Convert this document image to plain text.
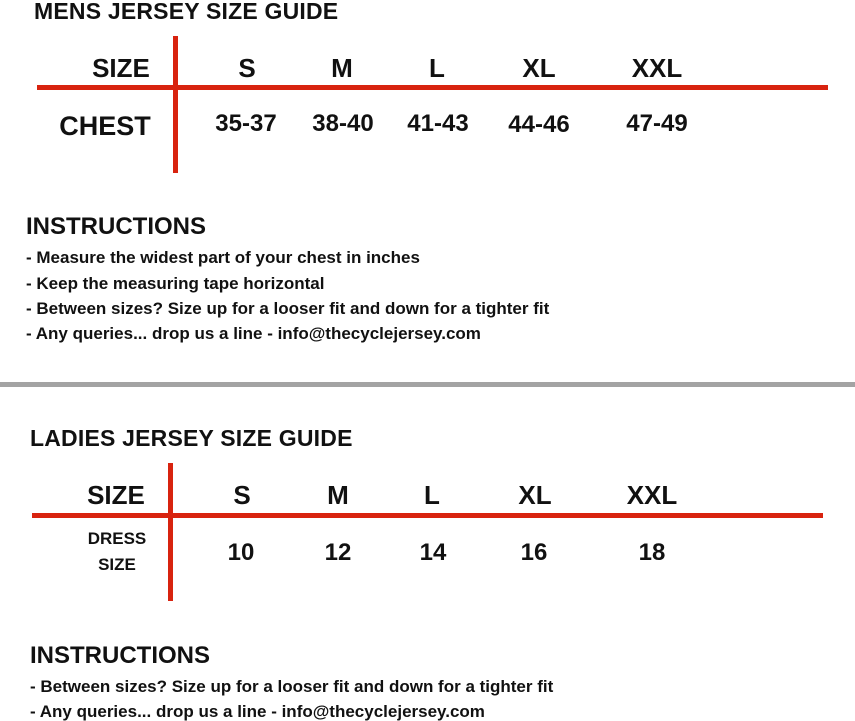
MENS JERSEY SIZE GUIDE
SIZE	S	M	L	XL	XXL
CHEST	35-37	38-40	41-43	44-46	47-49
INSTRUCTIONS
- Measure the widest part of your chest in inches
- Keep the measuring tape horizontal
- Between sizes? Size up for a looser fit and down for a tighter fit
- Any queries... drop us a line - info@thecyclejersey.com
LADIES JERSEY SIZE GUIDE
SIZE	S	M	L	XL	XXL
DRESS
SIZE	10	12	14	16	18
INSTRUCTIONS
- Between sizes? Size up for a looser fit and down for a tighter fit
- Any queries... drop us a line - info@thecyclejersey.com
